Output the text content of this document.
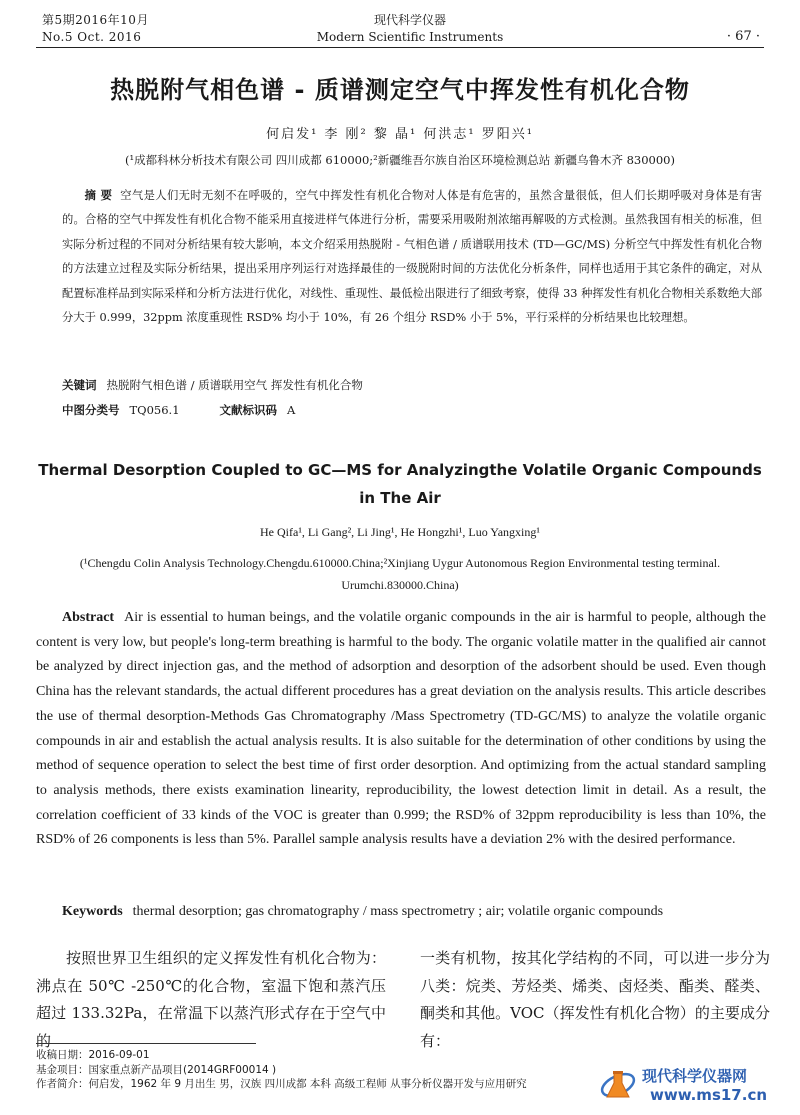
第5期2016年10月
No.5 Oct. 2016
现代科学仪器
Modern Scientific Instruments	· 67 ·
热脱附气相色谱 - 质谱测定空气中挥发性有机化合物
何启发¹ 李 刚² 黎 晶¹ 何洪志¹ 罗阳兴¹
(¹成都科林分析技术有限公司 四川成都 610000;²新疆维吾尔族自治区环境检测总站 新疆乌鲁木齐 830000)
摘 要 空气是人们无时无刻不在呼吸的，空气中挥发性有机化合物对人体是有危害的，虽然含量很低，但人们长期呼吸对身体是有害的。合格的空气中挥发性有机化合物不能采用直接进样气体进行分析，需要采用吸附剂浓缩再解吸的方式检测。虽然我国有相关的标准，但实际分析过程的不同对分析结果有较大影响，本文介绍采用热脱附 - 气相色谱 / 质谱联用技术 (TD—GC/MS) 分析空气中挥发性有机化合物的方法建立过程及实际分析结果，提出采用序列运行对选择最佳的一级脱附时间的方法优化分析条件，同样也适用于其它条件的确定，对从配置标准样品到实际采样和分析方法进行优化，对线性、重现性、最低检出限进行了细致考察，使得 33 种挥发性有机化合物相关系数绝大部分大于 0.999，32ppm 浓度重现性 RSD% 均小于 10%，有 26 个组分 RSD% 小于 5%，平行采样的分析结果也比较理想。
关键词 热脱附气相色谱 / 质谱联用空气 挥发性有机化合物
中图分类号 TQ056.1	文献标识码 A
Thermal Desorption Coupled to GC—MS for Analyzingthe Volatile Organic Compounds in The Air
He Qifa¹, Li Gang², Li Jing¹, He Hongzhi¹, Luo Yangxing¹
(¹Chengdu Colin Analysis Technology.Chengdu.610000.China;²Xinjiang Uygur Autonomous Region Environmental testing terminal. Urumchi.830000.China)
Abstract Air is essential to human beings, and the volatile organic compounds in the air is harmful to people, although the content is very low, but people's long-term breathing is harmful to the body. The organic volatile matter in the qualified air cannot be analyzed by direct injection gas, and the method of adsorption and desorption of the adsorbent should be used. Even though China has the relevant standards, the actual different procedures has a great deviation on the analysis results. This article describes the use of thermal desorption-Methods Gas Chromatography /Mass Spectrometry (TD-GC/MS) to analyze the volatile organic compounds in air and establish the actual analysis results. It is also suitable for the determination of other conditions by using the method of sequence operation to select the best time of first order desorption. And optimizing from the actual standard sampling to analysis methods, there exists examination linearity, reproducibility, the lowest detection limit in detail. As a result, the correlation coefficient of 33 kinds of the VOC is greater than 0.999; the RSD% of 32ppm reproducibility is less than 10%, the RSD% of 26 components is less than 5%. Parallel sample analysis results have a deviation 2% with the desired performance.
Keywords thermal desorption; gas chromatography / mass spectrometry ; air; volatile organic compounds
按照世界卫生组织的定义挥发性有机化合物为：沸点在 50℃ -250℃的化合物，室温下饱和蒸汽压超过 133.32Pa，在常温下以蒸汽形式存在于空气中的
一类有机物，按其化学结构的不同，可以进一步分为八类：烷类、芳烃类、烯类、卤烃类、酯类、醛类、酮类和其他。VOC（挥发性有机化合物）的主要成分有：
收稿日期：2016-09-01
基金项目：国家重点新产品项目(2014GRF00014 )
作者简介：何启发，1962 年 9 月出生 男，汉族 四川成都 本科 高级工程师 从事分析仪器开发与应用研究	现代科学仪器网
www.ms17.cn
